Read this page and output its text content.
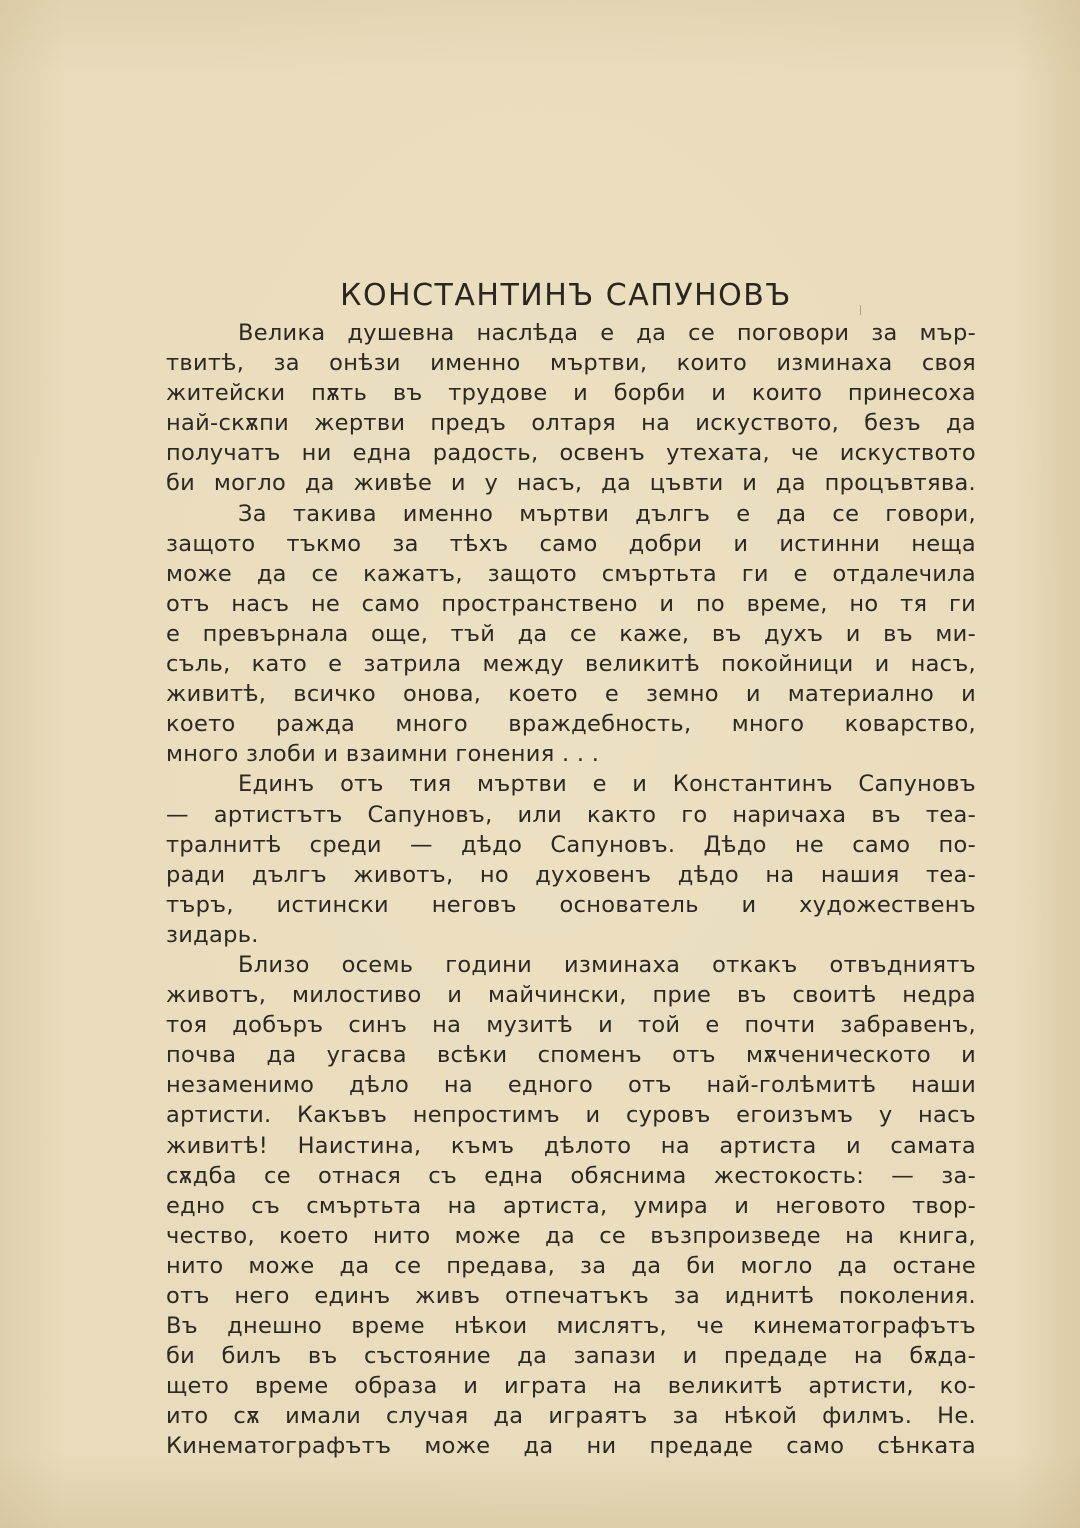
КОНСТАНТИНЪ САПУНОВЪ

Велика душевна наслѣда е да се поговори за мър-
твитѣ, за онѣзи именно мъртви, които изминаха своя
житейски пѫть въ трудове и борби и които принесоха
най-скѫпи жертви предъ олтаря на искуството, безъ да
получатъ ни една радость, освенъ утехата, че искуството
би могло да живѣе и у насъ, да цъвти и да процъвтява.

За такива именно мъртви дългъ е да се говори,
защото тъкмо за тѣхъ само добри и истинни неща
може да се кажатъ, защото смъртьта ги е отдалечила
отъ насъ не само пространствено и по време, но тя ги
е превърнала още, тъй да се каже, въ духъ и въ ми-
съль, като е затрила между великитѣ покойници и насъ,
живитѣ, всичко онова, което е земно и материално и
което ражда много враждебность, много коварство,
много злоби и взаимни гонения . . .

Единъ отъ тия мъртви е и Константинъ Сапуновъ
— артистътъ Сапуновъ, или както го наричаха въ теа-
тралнитѣ среди — дѣдо Сапуновъ. Дѣдо не само по-
ради дългъ животъ, но духовенъ дѣдо на нашия теа-
търъ, истински неговъ основатель и художественъ
зидарь.

Близо осемь години изминаха откакъ отвъдниятъ
животъ, милостиво и майчински, прие въ своитѣ недра
тоя добъръ синъ на музитѣ и той е почти забравенъ,
почва да угасва всѣки споменъ отъ мѫченическото и
незаменимо дѣло на едного отъ най-голѣмитѣ наши
артисти. Какъвъ непростимъ и суровъ егоизъмъ у насъ
живитѣ! Наистина, къмъ дѣлото на артиста и самата
сѫдба се отнася съ една обяснима жестокость: — за-
едно съ смъртьта на артиста, умира и неговото твор-
чество, което нито може да се възпроизведе на книга,
нито може да се предава, за да би могло да остане
отъ него единъ живъ отпечатъкъ за иднитѣ поколения.
Въ днешно време нѣкои мислятъ, че кинематографътъ
би билъ въ състояние да запази и предаде на бѫда-
щето време образа и играта на великитѣ артисти, ко-
ито сѫ имали случая да играятъ за нѣкой филмъ. Не.
Кинематографътъ може да ни предаде само сѣнката
